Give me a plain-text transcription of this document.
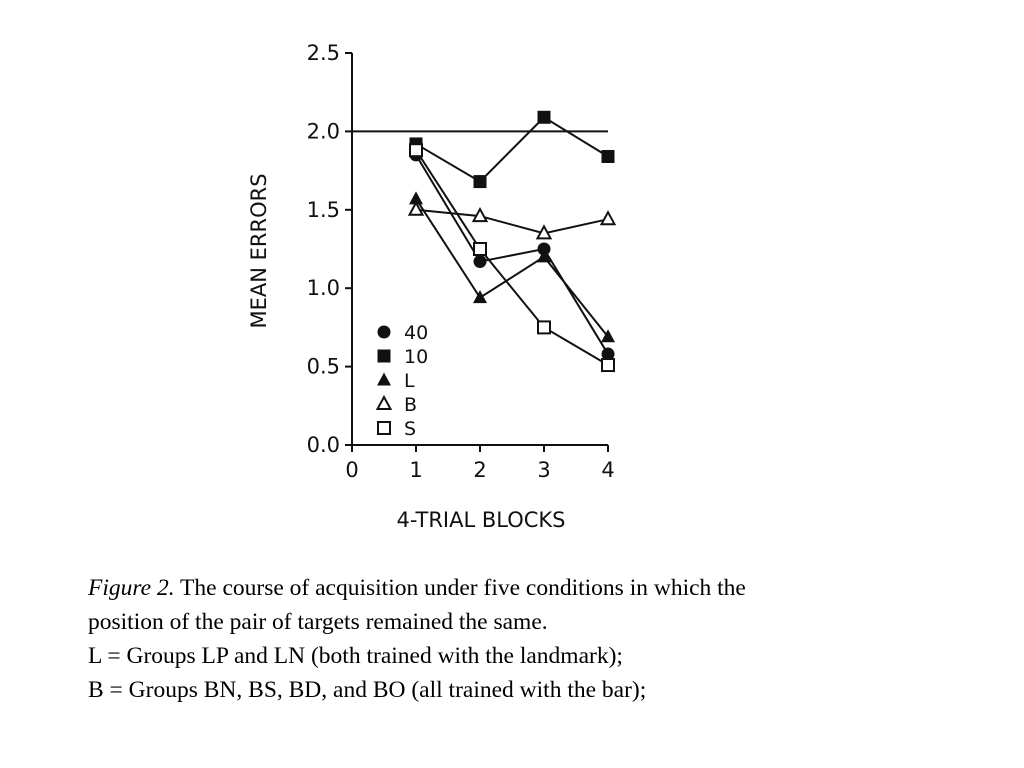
0.0
0.5
1.0
1.5
2.0
2.5
0 1 2 3 4
40
10
L
B
S
4-TRIAL BLOCKS
MEAN ERRORS

Figure 2. The course of acquisition under five conditions in which the

position of the pair of targets remained the same.

L = Groups LP and LN (both trained with the landmark);

B = Groups BN, BS, BD, and BO (all trained with the bar);
